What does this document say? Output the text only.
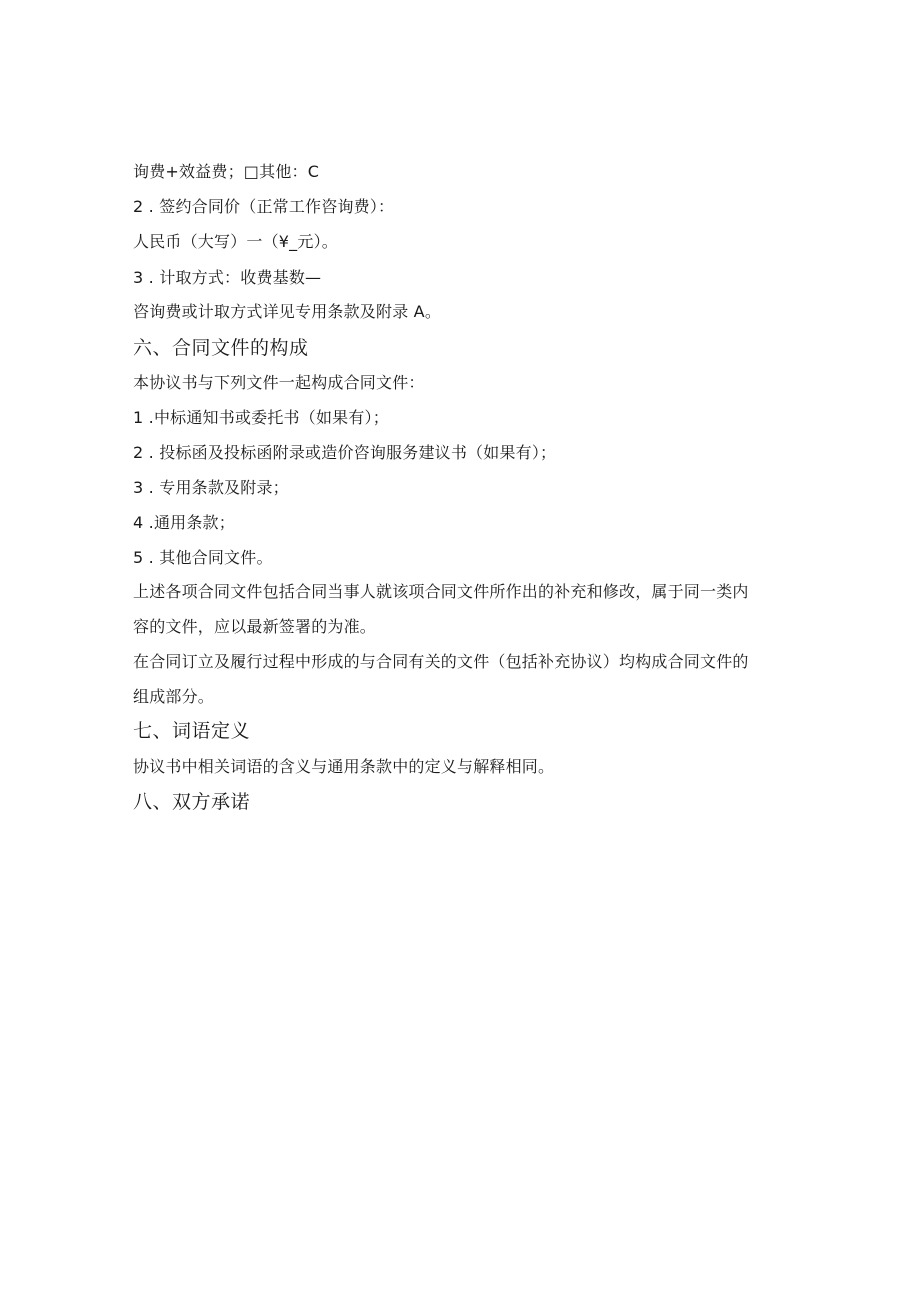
询费+效益费；□其他：C
2 . 签约合同价（正常工作咨询费）：
人民币（大写）一（¥_元）。
3 . 计取方式：收费基数—
咨询费或计取方式详见专用条款及附录 A。
六、合同文件的构成
本协议书与下列文件一起构成合同文件：
1 .中标通知书或委托书（如果有）；
2 . 投标函及投标函附录或造价咨询服务建议书（如果有）；
3 . 专用条款及附录；
4 .通用条款；
5 . 其他合同文件。
上述各项合同文件包括合同当事人就该项合同文件所作出的补充和修改，属于同一类内
容的文件，应以最新签署的为准。
在合同订立及履行过程中形成的与合同有关的文件（包括补充协议）均构成合同文件的
组成部分。
七、词语定义
协议书中相关词语的含义与通用条款中的定义与解释相同。
八、双方承诺
